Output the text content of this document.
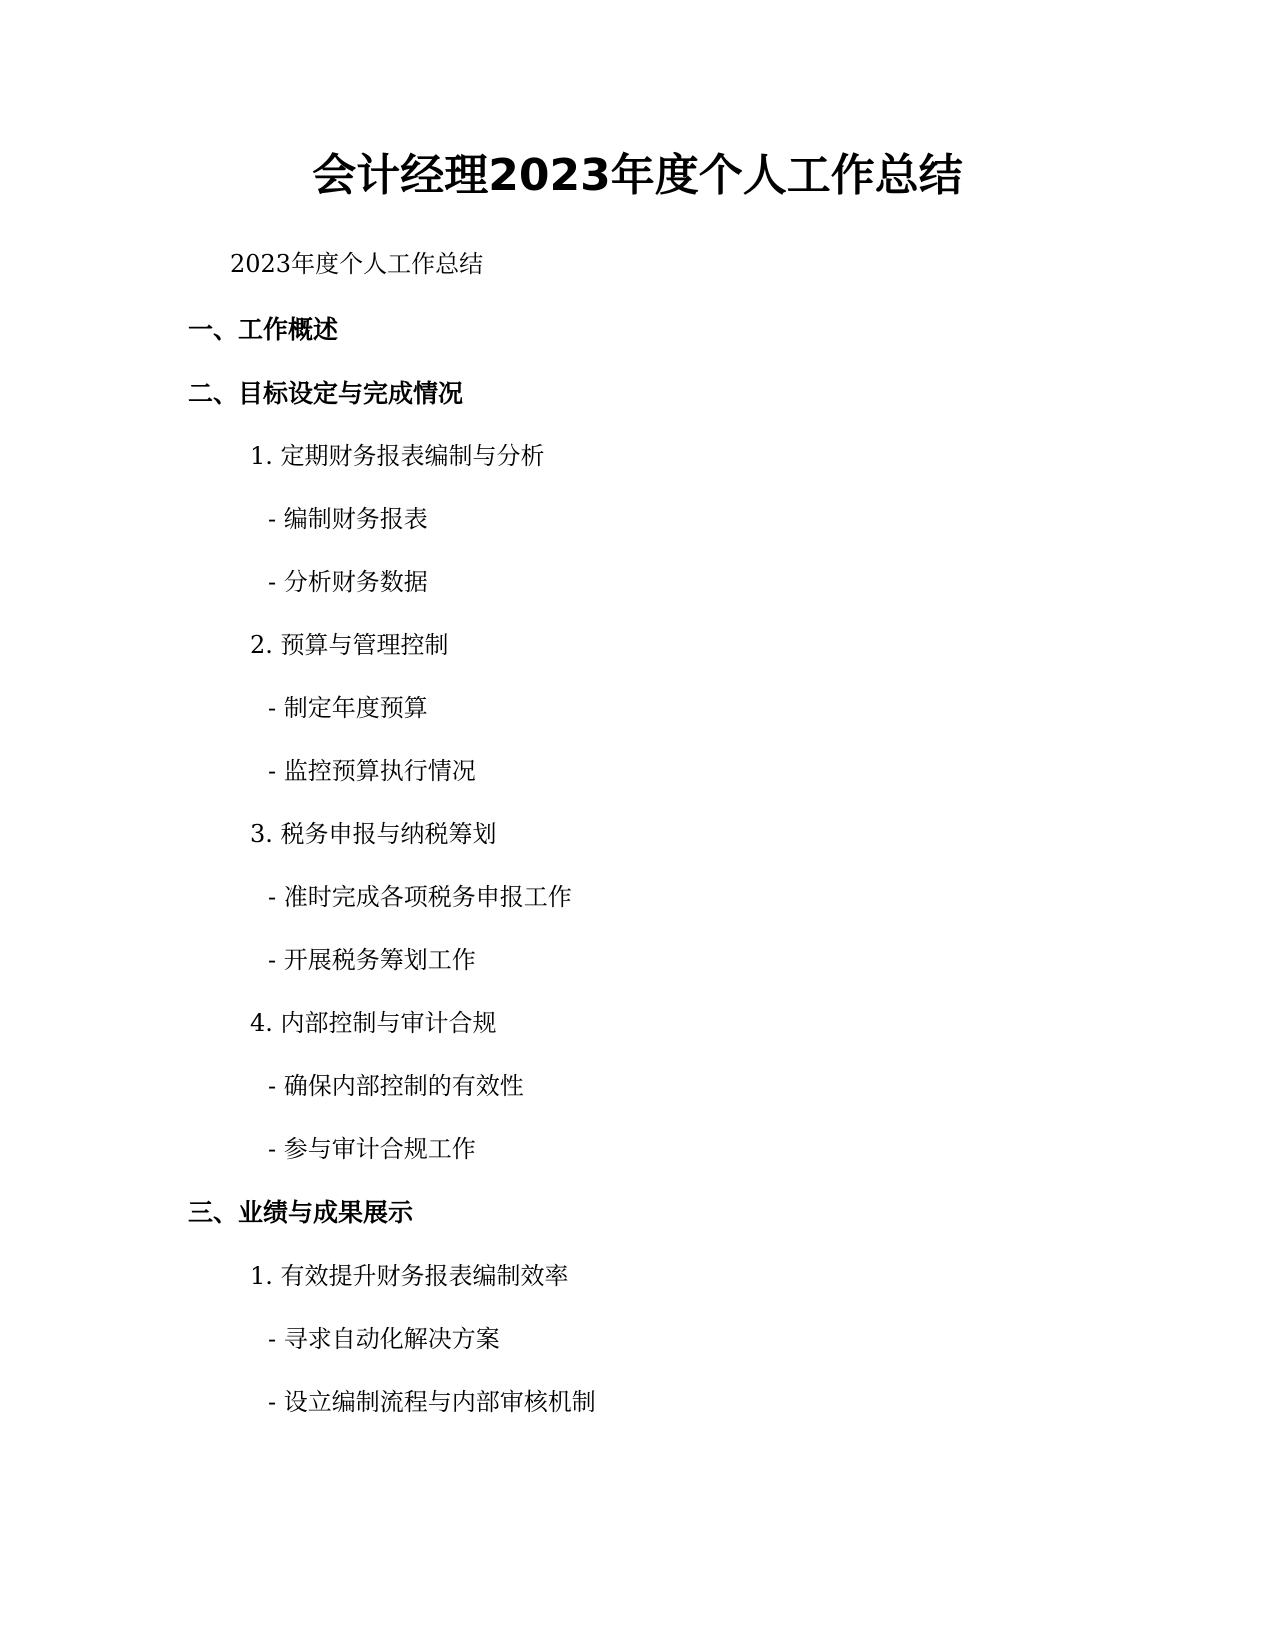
会计经理2023年度个人工作总结
2023年度个人工作总结
一、工作概述
二、目标设定与完成情况
1. 定期财务报表编制与分析
- 编制财务报表
- 分析财务数据
2. 预算与管理控制
- 制定年度预算
- 监控预算执行情况
3. 税务申报与纳税筹划
- 准时完成各项税务申报工作
- 开展税务筹划工作
4. 内部控制与审计合规
- 确保内部控制的有效性
- 参与审计合规工作
三、业绩与成果展示
1. 有效提升财务报表编制效率
- 寻求自动化解决方案
- 设立编制流程与内部审核机制
